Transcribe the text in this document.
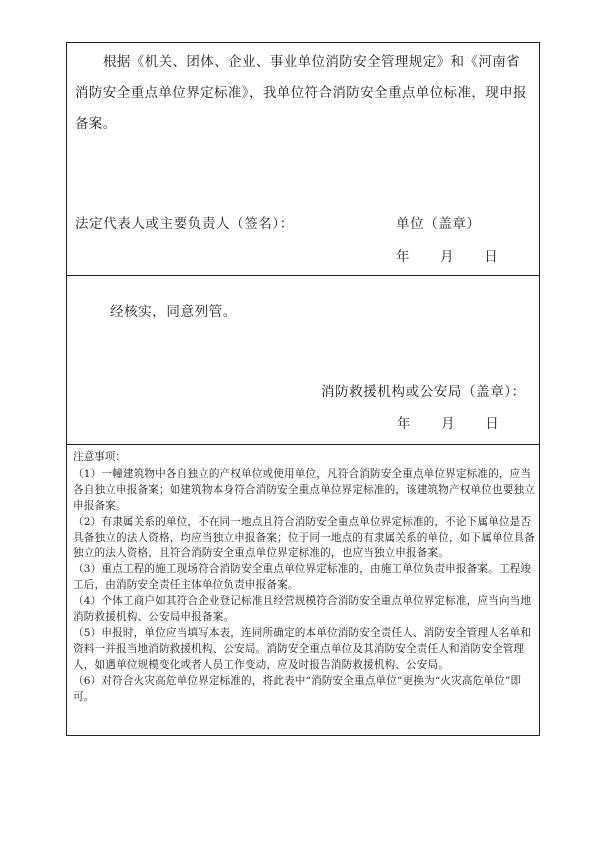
根据《机关、团体、企业、事业单位消防安全管理规定》和《河南省消防安全重点单位界定标准》，我单位符合消防安全重点单位标准，现申报备案。

法定代表人或主要负责人（签名）：	单位（盖章）
年 月 日
经核实，同意列管。
消防救援机构或公安局（盖章）：
年 月 日

注意事项：

（1）一幢建筑物中各自独立的产权单位或使用单位，凡符合消防安全重点单位界定标准的，应当各自独立申报备案；如建筑物本身符合消防安全重点单位界定标准的，该建筑物产权单位也要独立申报备案。

（2）有隶属关系的单位，不在同一地点且符合消防安全重点单位界定标准的，不论下属单位是否具备独立的法人资格，均应当独立申报备案；位于同一地点的有隶属关系的单位，如下属单位具备独立的法人资格，且符合消防安全重点单位界定标准的，也应当独立申报备案。

（3）重点工程的施工现场符合消防安全重点单位界定标准的，由施工单位负责申报备案。工程竣工后，由消防安全责任主体单位负责申报备案。

（4）个体工商户如其符合企业登记标准且经营规模符合消防安全重点单位界定标准，应当向当地消防救援机构、公安局申报备案。

（5）申报时，单位应当填写本表，连同所确定的本单位消防安全责任人、消防安全管理人名单和资料一并报当地消防救援机构、公安局。消防安全重点单位及其消防安全责任人和消防安全管理人，如遇单位规模变化或者人员工作变动，应及时报告消防救援机构、公安局。

（6）对符合火灾高危单位界定标准的，将此表中“消防安全重点单位”更换为“火灾高危单位”即可。
